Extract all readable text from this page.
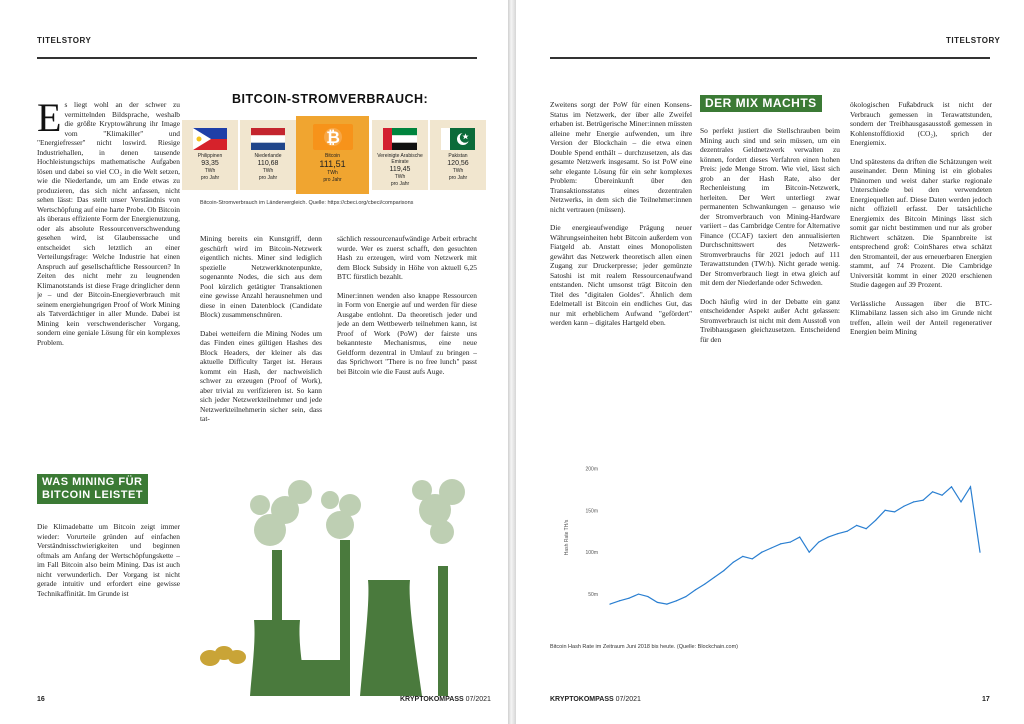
TITELSTORY
BITCOIN-STROMVERBRAUCH:
Philippinen
93,35
TWh
pro Jahr
Niederlande
110,68
TWh
pro Jahr
₿
Bitcoin
111,51
TWh
pro Jahr
Vereinigte Arabische Emirate
119,45
TWh
pro Jahr
Pakistan
120,56
TWh
pro Jahr
Bitcoin-Stromverbrauch im Ländervergleich. Quelle: https://cbeci.org/cbeci/comparisons
Es liegt wohl an der schwer zu vermittelnden Bildsprache, weshalb die größte Kryptowährung ihr Image vom "Klimakiller" und "Energiefresser" nicht loswird. Riesige Industriehallen, in denen tausende Hochleistungschips mathematische Aufgaben lösen und dabei so viel CO₂ in die Welt setzen, wie die Niederlande, um am Ende etwas zu produzieren, das sich nicht anfassen, nicht sehen lässt: Das stellt unser Verständnis von Wertschöpfung auf eine harte Probe. Ob Bitcoin als überaus effiziente Form der Energienutzung, oder als absolute Ressourcenverschwendung gesehen wird, ist Glaubenssache und entscheidet sich letztlich an einer Verteilungsfrage: Welche Industrie hat einen Anspruch auf gesellschaftliche Ressourcen? In Zeiten des nicht mehr zu leugnenden Klimanotstands ist diese Frage dringlicher denn je – und der Bitcoin-Energieverbrauch mit seinem energiehungrigen Proof of Work Mining als Tatverdächtiger in aller Munde. Dabei ist Mining kein verschwenderischer Vorgang, sondern eine geniale Lösung für ein komplexes Problem.
WAS MINING FÜR
BITCOIN LEISTET

Die Klimadebatte um Bitcoin zeigt immer wieder: Vorurteile gründen auf einfachen Verständnisschwierigkeiten und beginnen oftmals am Anfang der Wertschöpfungskette – im Fall Bitcoin also beim Mining. Das ist auch nicht verwunderlich. Der Vorgang ist nicht gerade intuitiv und erfordert eine gewisse Technikaffinität. Im Grunde ist

Mining bereits ein Kunstgriff, denn geschürft wird im Bitcoin-Netzwerk eigentlich nichts. Miner sind lediglich spezielle Netzwerkknotenpunkte, sogenannte Nodes, die sich aus dem Pool kürzlich getätigter Transaktionen eine gewisse Anzahl herausnehmen und diese in einen Datenblock (Candidate Block) zusammenschnüren.

Dabei wetteifern die Mining Nodes um das Finden eines gültigen Hashes des Block Headers, der kleiner als das aktuelle Difficulty Target ist. Heraus kommt ein Hash, der nachweislich schwer zu erzeugen (Proof of Work), aber trivial zu verifizieren ist. So kann sich jeder Netzwerkteilnehmer und jede Netzwerkteilnehmerin sicher sein, dass tat-

sächlich ressourcenaufwändige Arbeit erbracht wurde. Wer es zuerst schafft, den gesuchten Hash zu erzeugen, wird vom Netzwerk mit dem Block Subsidy in Höhe von aktuell 6,25 BTC fürstlich bezahlt.

Miner:innen wenden also knappe Ressourcen in Form von Energie auf und werden für diese Ausgabe entlohnt. Da theoretisch jeder und jede an dem Wettbewerb teilnehmen kann, ist Proof of Work (PoW) der fairste uns bekannteste Mechanismus, eine neue Geldform dezentral in Umlauf zu bringen – das Sprichwort "There is no free lunch" passt bei Bitcoin wie die Faust aufs Auge.

16	KRYPTOKOMPASS 07/2021
TITELSTORY

Zweitens sorgt der PoW für einen Konsens-Status im Netzwerk, der über alle Zweifel erhaben ist. Betrügerische Miner:innen müssten alleine mehr Energie aufwenden, um ihre Version der Blockchain – die etwa einen Double Spend enthält – durchzusetzen, als das gesamte Netzwerk insgesamt. So ist PoW eine sehr elegante Lösung für ein sehr komplexes Problem: Übereinkunft über den Transaktionsstatus eines dezentralen Netzwerks, in dem sich die Teilnehmer:innen nicht vertrauen (müssen).

Die energieaufwendige Prägung neuer Währungseinheiten hebt Bitcoin außerdem von Fiatgeld ab. Anstatt eines Monopolisten gewährt das Netzwerk theoretisch allen einen Zugang zur Druckerpresse; jeder gemünzte Satoshi ist mit realem Ressourcenaufwand entstanden. Nicht umsonst trägt Bitcoin den Titel des "digitalen Goldes". Ähnlich dem Edelmetall ist Bitcoin ein endliches Gut, das nur mit erheblichem Aufwand "gefördert" werden kann – digitales Hartgeld eben.

DER MIX MACHTS

So perfekt justiert die Stellschrauben beim Mining auch sind und sein müssen, um ein dezentrales Geldnetzwerk verwalten zu können, fordert dieses Verfahren einen hohen Preis: jede Menge Strom. Wie viel, lässt sich grob an der Hash Rate, also der Rechenleistung im Bitcoin-Netzwerk, herleiten. Der Wert unterliegt zwar permanenten Schwankungen – genauso wie der Stromverbrauch von Mining-Hardware variiert – das Cambridge Centre for Alternative Finance (CCAF) taxiert den annualisierten Durchschnittswert des Netzwerk-Stromverbrauchs für 2021 jedoch auf 111 Terawattstunden (TW/h). Nicht gerade wenig. Der Stromverbrauch liegt in etwa gleich auf mit dem der Niederlande oder Schweden.

Doch häufig wird in der Debatte ein ganz entscheidender Aspekt außer Acht gelassen: Stromverbrauch ist nicht mit dem Ausstoß von Treibhausgasen gleichzusetzen. Entscheidend für den

ökologischen Fußabdruck ist nicht der Verbrauch gemessen in Terawattstunden, sondern der Treibhausgasausstoß gemessen in Kohlenstoffdioxid (CO₂), sprich der Energiemix.

Und spätestens da driften die Schätzungen weit auseinander. Denn Mining ist ein globales Phänomen und weist daher starke regionale Unterschiede bei den verwendeten Energiequellen auf. Diese Daten werden jedoch nicht offiziell erfasst. Der tatsächliche Energiemix des Bitcoin Minings lässt sich somit gar nicht bestimmen und nur als grober Richtwert schätzen. Die Spannbreite ist entsprechend groß: CoinShares etwa schätzt den Stromanteil, der aus erneuerbaren Energien stammt, auf 74 Prozent. Die Cambridge Universität kommt in einer 2020 erschienen Studie dagegen auf 39 Prozent.

Verlässliche Aussagen über die BTC-Klimabilanz lassen sich also im Grunde nicht treffen, allein weil der Anteil regenerativer Energien beim Mining

200m
150m
100m
50m
Hash Rate TH/s
Bitcoin Hash Rate im Zeitraum Juni 2018 bis heute. (Quelle: Blockchain.com)
KRYPTOKOMPASS 07/2021	17
